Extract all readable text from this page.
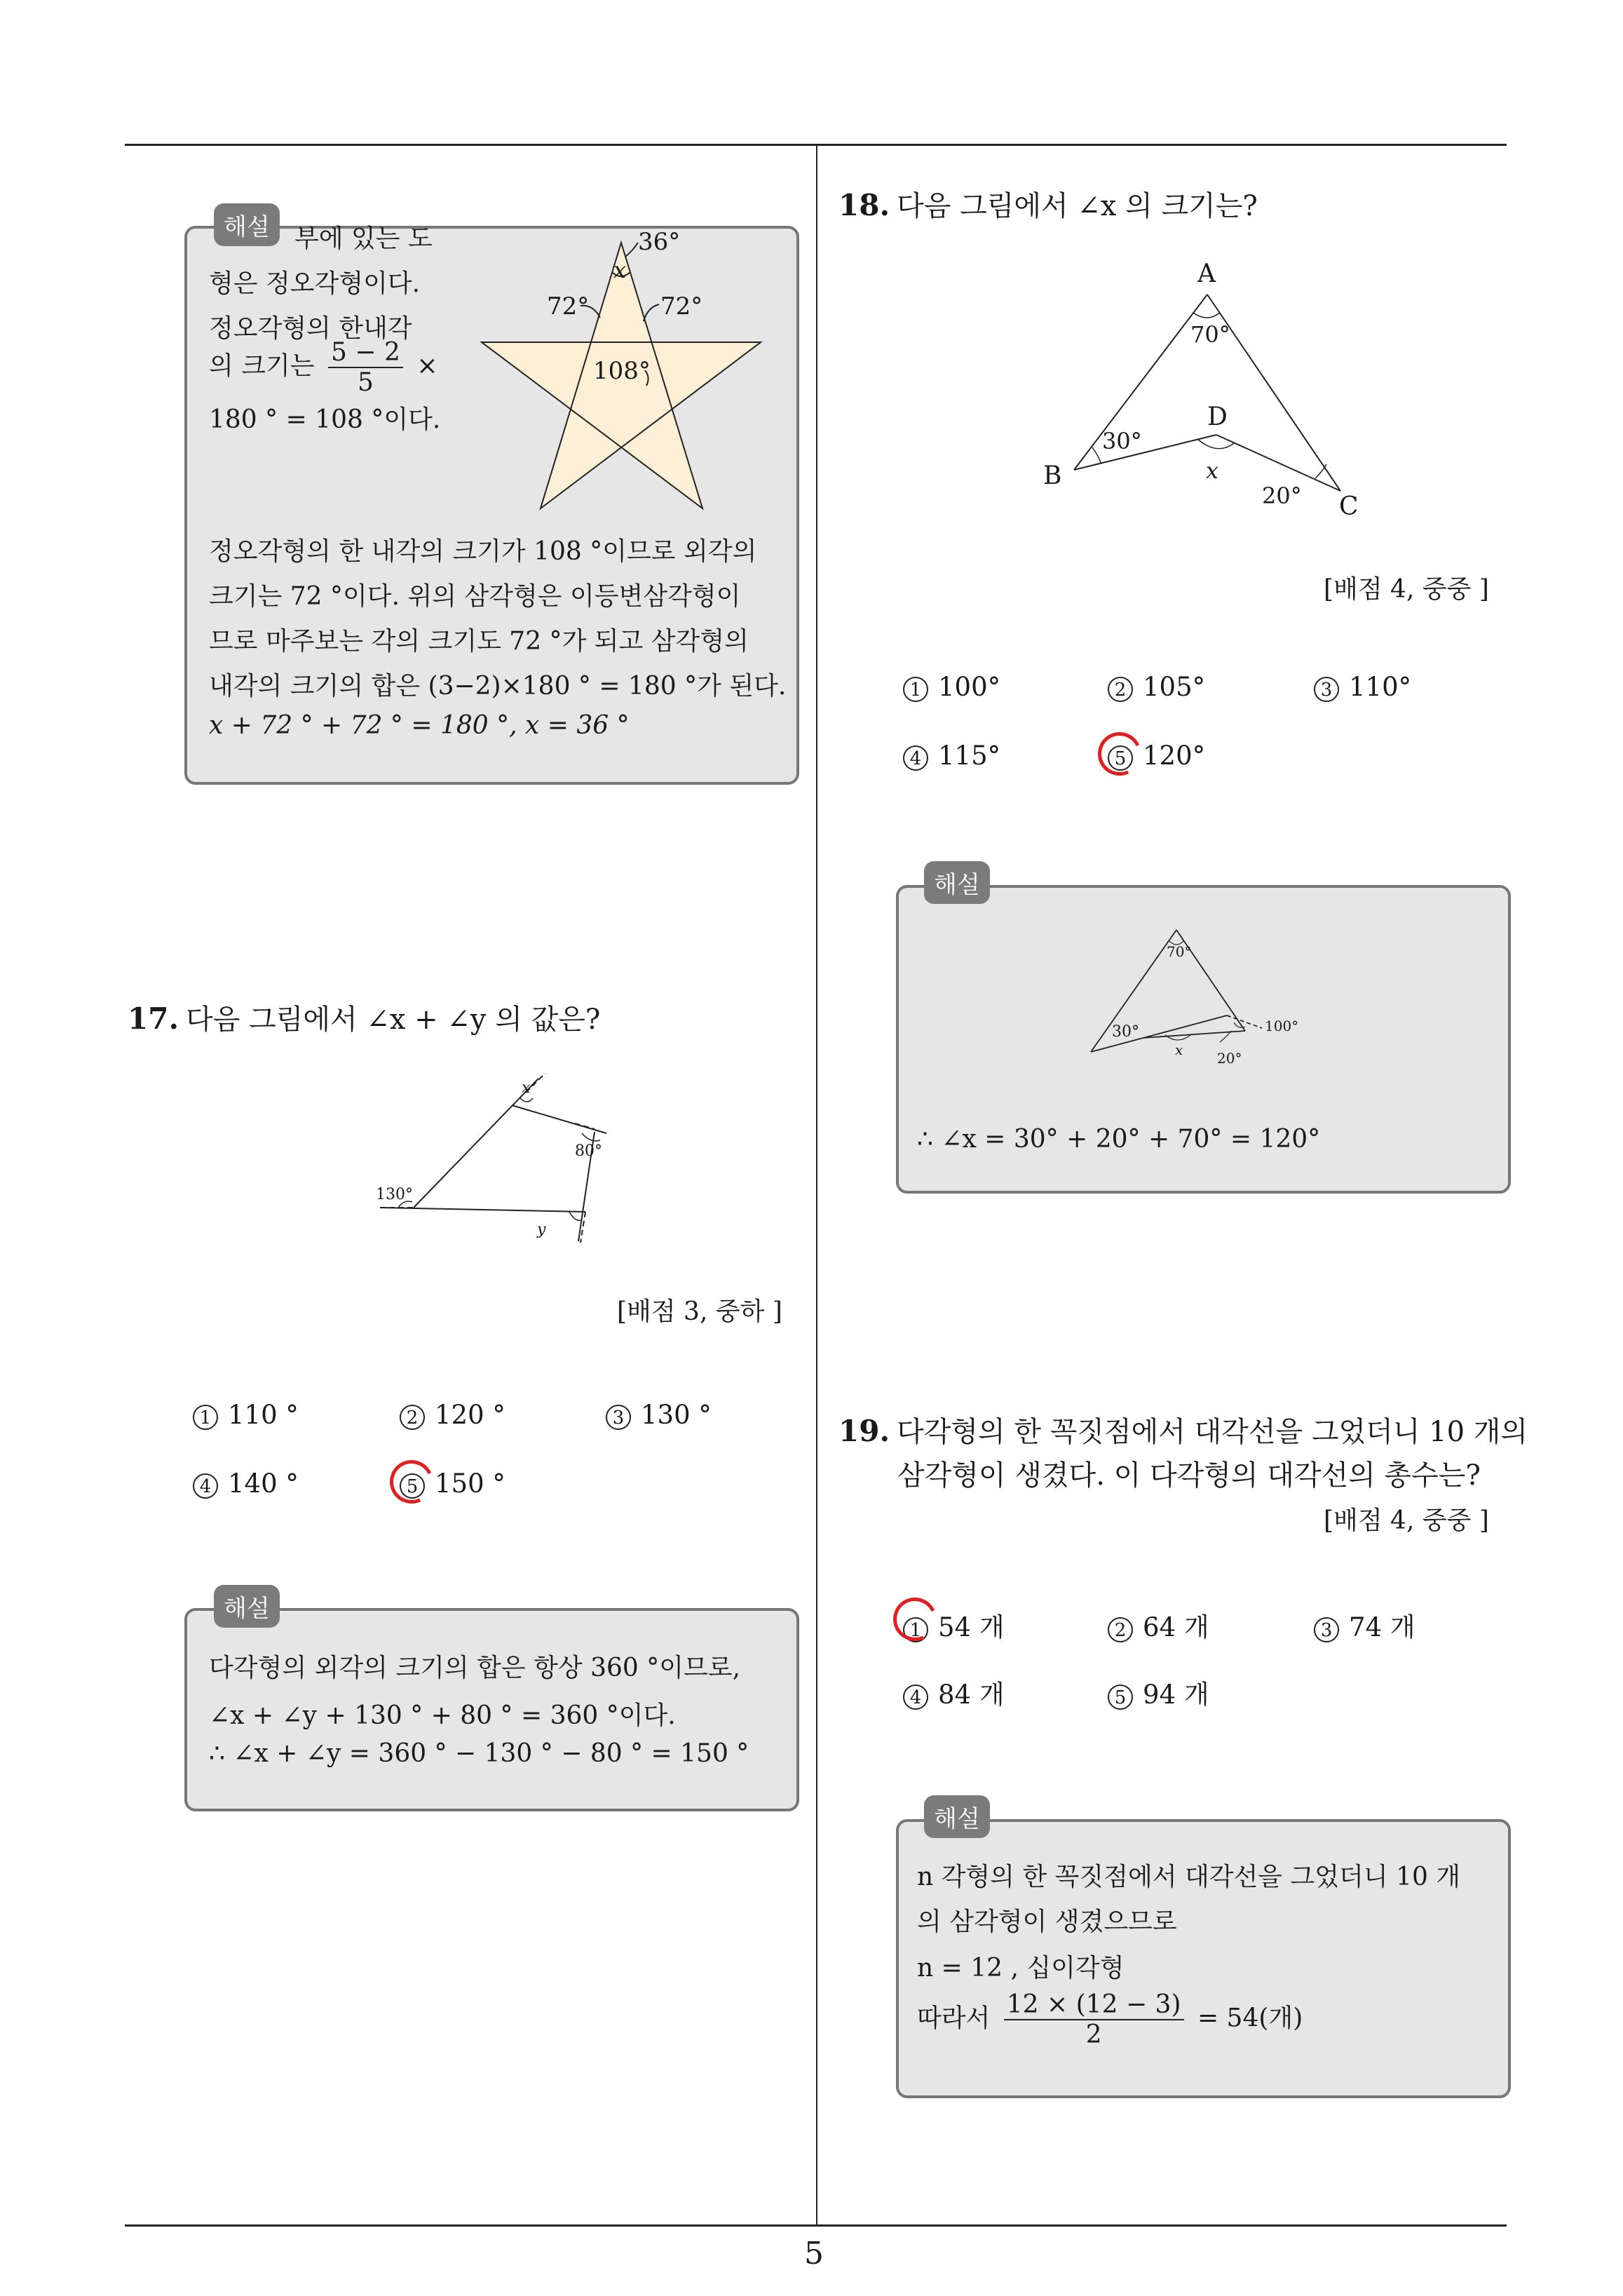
5
해설 부에 있는 도
형은 정오각형이다.
정오각형의 한내각
의 크기는 $\frac{5 - 2}{5}$ ×
180 ° = 108 °이다.
36°
x
72°	72°
108°
정오각형의 한 내각의 크기가 108 °이므로 외각의
크기는 72 °이다. 위의 삼각형은 이등변삼각형이
므로 마주보는 각의 크기도 72 °가 되고 삼각형의
내각의 크기의 합은 (3−2)×180 ° = 180 °가 된다.
x + 72 ° + 72 ° = 180 °, x = 36 °
17. 다음 그림에서 ∠x + ∠y 의 값은?
x
80°
130°
y
[배점 3, 중하 ]
1 110 °	2 120 °	3 130 °
4 140 °	5 150 °
해설
다각형의 외각의 크기의 합은 항상 360 °이므로,
∠x + ∠y + 130 ° + 80 ° = 360 °이다.
∴ ∠x + ∠y = 360 ° − 130 ° − 80 ° = 150 °
18. 다음 그림에서 ∠x 의 크기는?
A
70°
D
30°
B	x
20° C
[배점 4, 중중 ]
1 100°	2 105°	3 110°
4 115°	5 120°
해설
70°
30°	100°
x 20°
∴ ∠x = 30° + 20° + 70° = 120°
19. 다각형의 한 꼭짓점에서 대각선을 그었더니 10 개의
삼각형이 생겼다. 이 다각형의 대각선의 총수는?
[배점 4, 중중 ]
1 54 개	2 64 개	3 74 개
4 84 개	5 94 개
해설
n 각형의 한 꼭짓점에서 대각선을 그었더니 10 개
의 삼각형이 생겼으므로
n = 12 , 십이각형
따라서 $\frac{12 \times (12 - 3)}{2} = 54$(개)
